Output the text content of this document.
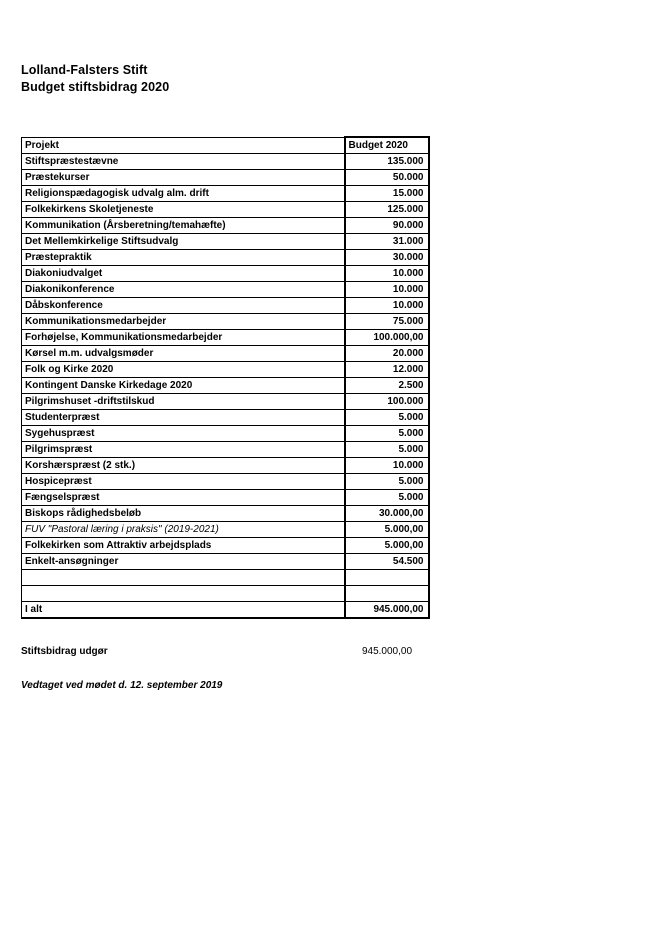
Lolland-Falsters Stift
Budget stiftsbidrag 2020
Projekt	Budget 2020
Stiftspræstestævne	135.000
Præstekurser	50.000
Religionspædagogisk udvalg alm. drift	15.000
Folkekirkens Skoletjeneste	125.000
Kommunikation (Årsberetning/temahæfte)	90.000
Det Mellemkirkelige Stiftsudvalg	31.000
Præstepraktik	30.000
Diakoniudvalget	10.000
Diakonikonference	10.000
Dåbskonference	10.000
Kommunikationsmedarbejder	75.000
Forhøjelse, Kommunikationsmedarbejder	100.000,00
Kørsel m.m. udvalgsmøder	20.000
Folk og Kirke 2020	12.000
Kontingent Danske Kirkedage 2020	2.500
Pilgrimshuset -driftstilskud	100.000
Studenterpræst	5.000
Sygehuspræst	5.000
Pilgrimspræst	5.000
Korshærspræst (2 stk.)	10.000
Hospicepræst	5.000
Fængselspræst	5.000
Biskops rådighedsbeløb	30.000,00
FUV "Pastoral læring i praksis" (2019-2021)	5.000,00
Folkekirken som Attraktiv arbejdsplads	5.000,00
Enkelt-ansøgninger	54.500

I alt	945.000,00
Stiftsbidrag udgør	945.000,00
Vedtaget ved mødet d. 12. september 2019
